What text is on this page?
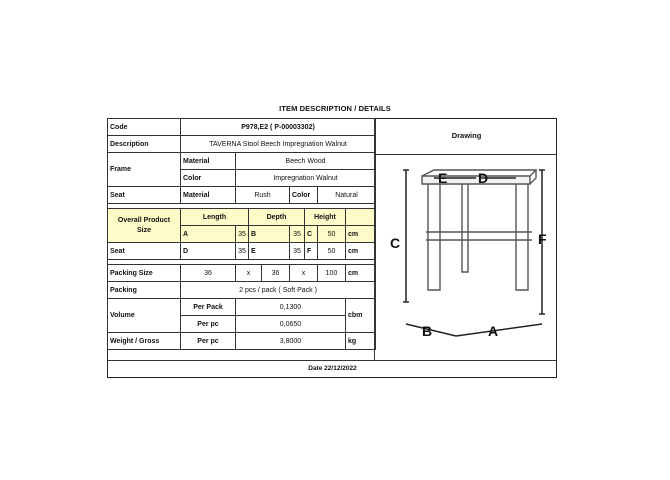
ITEM DESCRIPTION / DETAILS
Code	P978,E2 ( P-00003302)							
Description	TAVERNA Stool Beech Impregnation Walnut							
Frame	Material	Beech Wood						
	Color	Impregnation Walnut						
Seat	Material	Rush			Color		Natural	

Overall Product Size	Length		Depth			Height		
	A	35	B		35	C	50	cm
Seat	D	35	E		35	F	50	cm

Packing Size	36	x		36	x		100	cm
Packing	2 pcs / pack ( Soft Pack )							
Volume	Per Pack	0,1300						cbm
	Per pc	0,0650						
Weight / Gross	Per pc	3,8000						kg
Drawing
C	F
E D
B	A
Date 22/12/2022
